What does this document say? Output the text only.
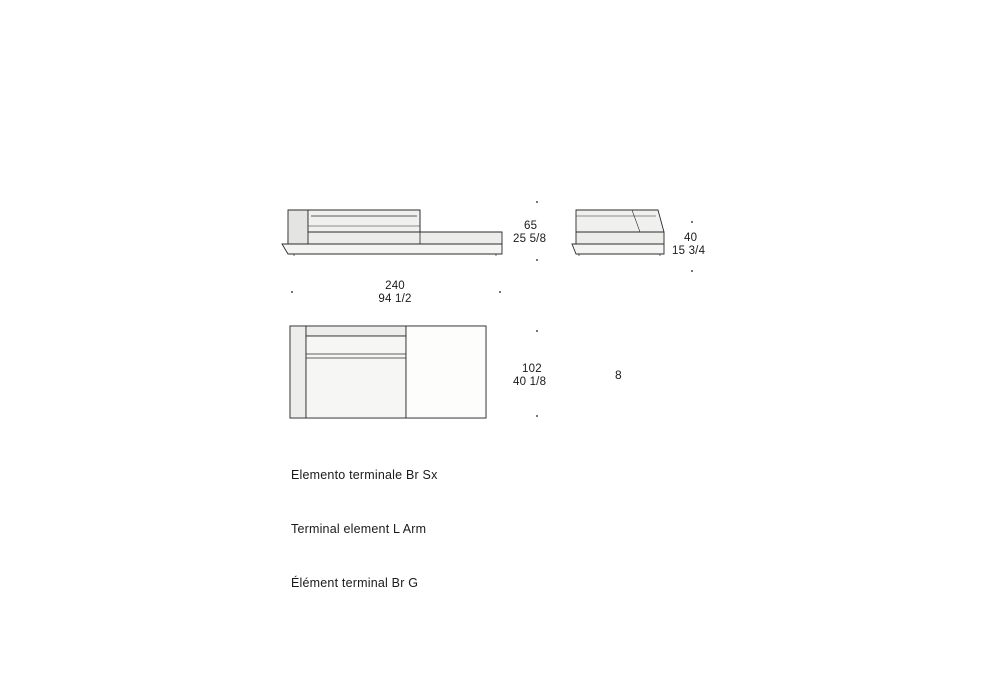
240
94 1/2
65
25 5/8	40
15 3/4
102
40 1/8

Elemento terminale Br Sx

Terminal element L Arm

Élément terminal Br G

8
